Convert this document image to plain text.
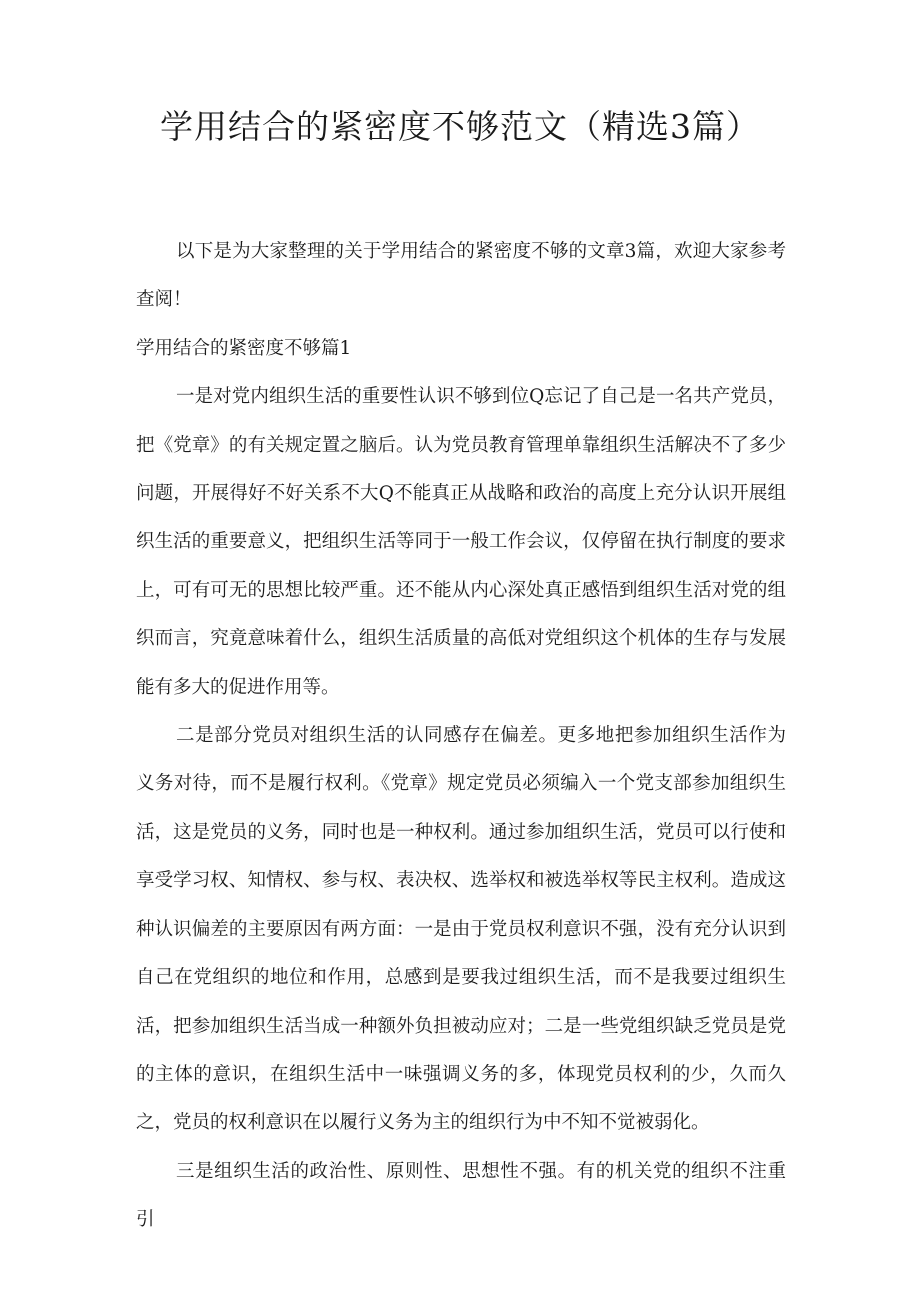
学用结合的紧密度不够范文（精选3篇）

以下是为大家整理的关于学用结合的紧密度不够的文章3篇，欢迎大家参考查阅！

学用结合的紧密度不够篇1

一是对党内组织生活的重要性认识不够到位Q忘记了自己是一名共产党员，把《党章》的有关规定置之脑后。认为党员教育管理单靠组织生活解决不了多少问题，开展得好不好关系不大Q不能真正从战略和政治的高度上充分认识开展组织生活的重要意义，把组织生活等同于一般工作会议，仅停留在执行制度的要求上，可有可无的思想比较严重。还不能从内心深处真正感悟到组织生活对党的组织而言，究竟意味着什么，组织生活质量的高低对党组织这个机体的生存与发展能有多大的促进作用等。

二是部分党员对组织生活的认同感存在偏差。更多地把参加组织生活作为义务对待，而不是履行权利。《党章》规定党员必须编入一个党支部参加组织生活，这是党员的义务，同时也是一种权利。通过参加组织生活，党员可以行使和享受学习权、知情权、参与权、表决权、选举权和被选举权等民主权利。造成这种认识偏差的主要原因有两方面：一是由于党员权利意识不强，没有充分认识到自己在党组织的地位和作用，总感到是要我过组织生活，而不是我要过组织生活，把参加组织生活当成一种额外负担被动应对；二是一些党组织缺乏党员是党的主体的意识，在组织生活中一味强调义务的多，体现党员权利的少，久而久之，党员的权利意识在以履行义务为主的组织行为中不知不觉被弱化。

三是组织生活的政治性、原则性、思想性不强。有的机关党的组织不注重引
